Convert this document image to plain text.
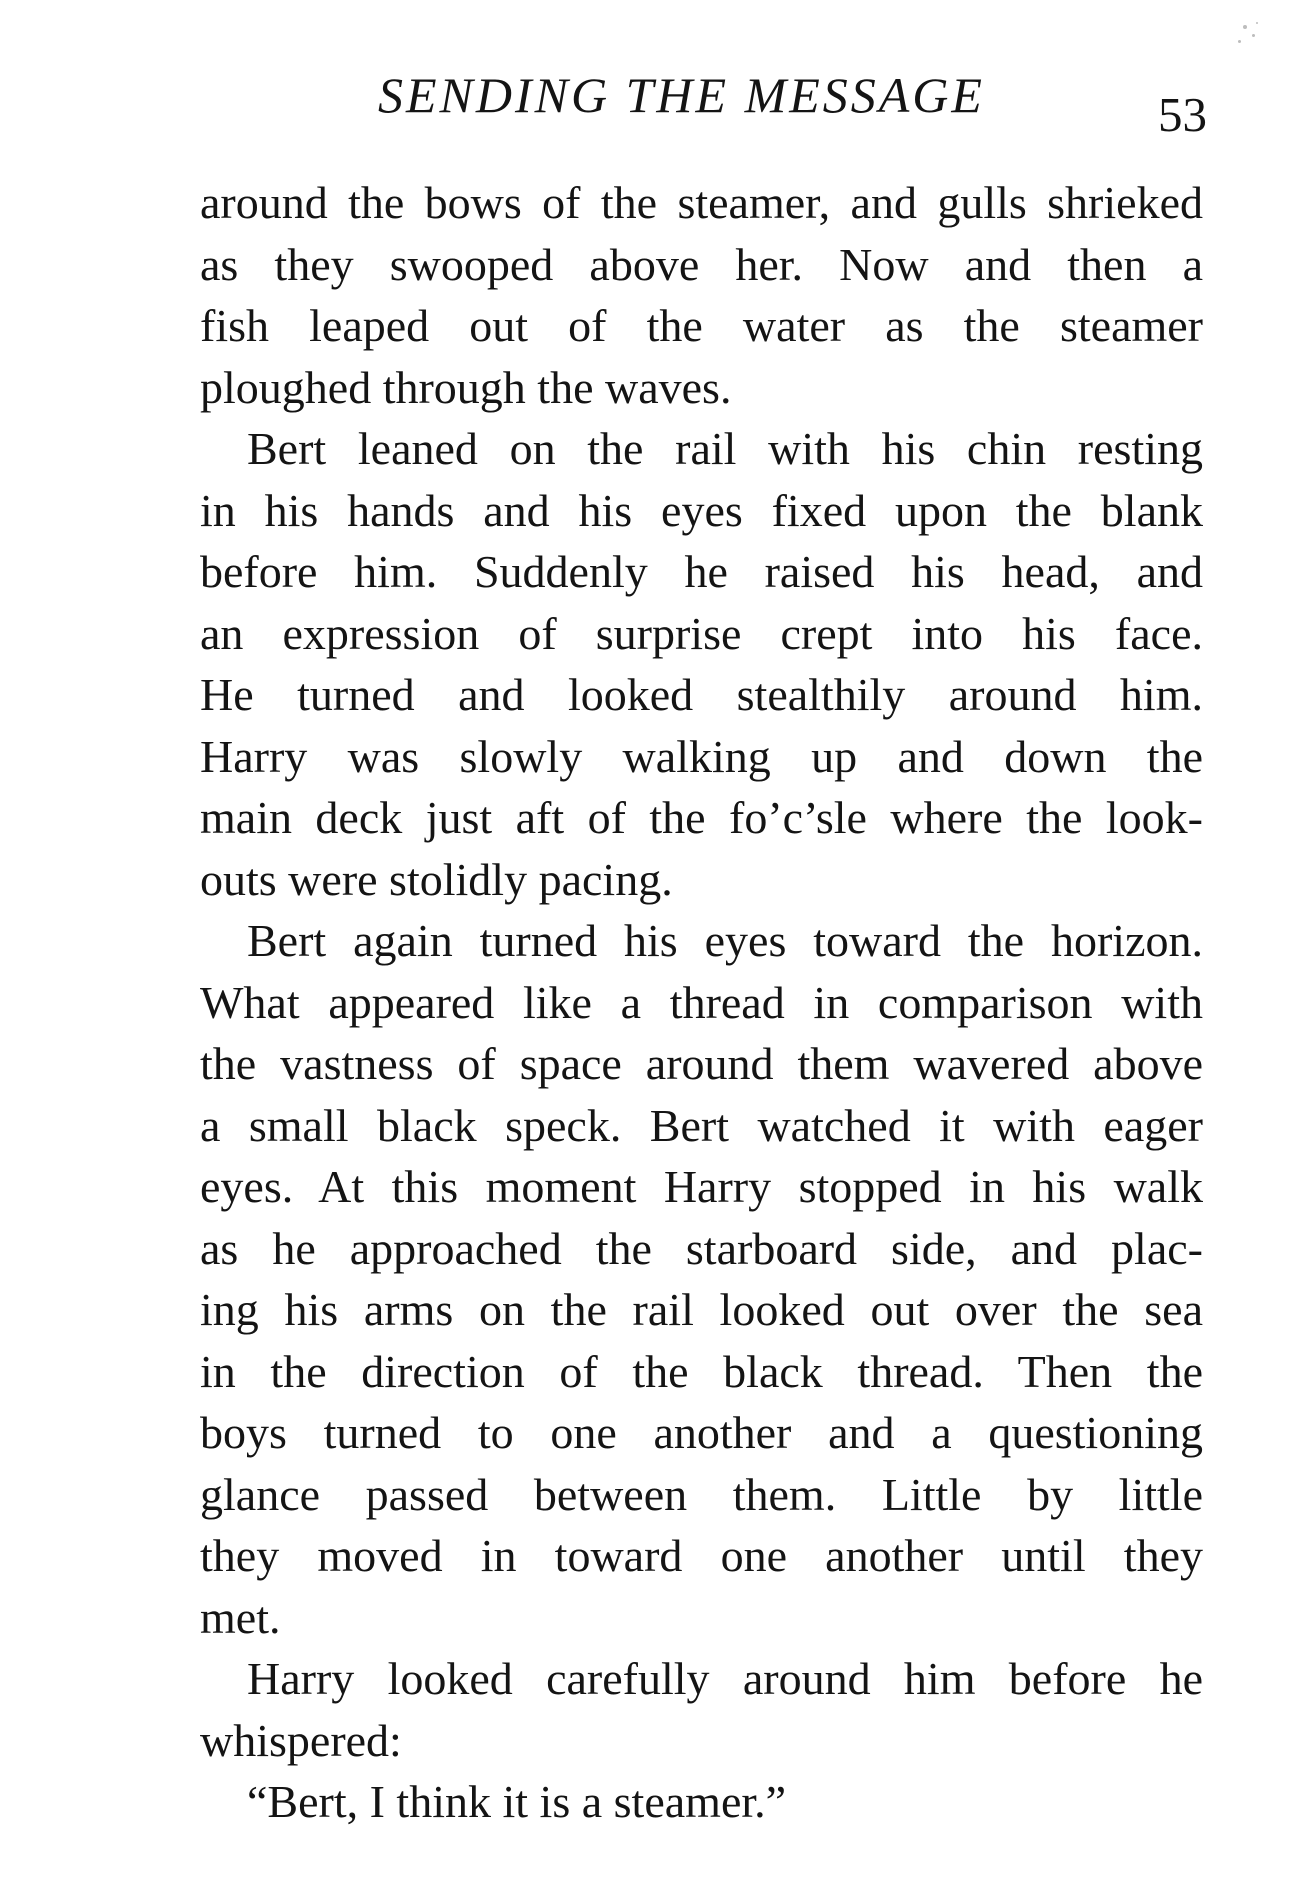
SENDING THE MESSAGE	53
around the bows of the steamer, and gulls shrieked
as they swooped above her. Now and then a
fish leaped out of the water as the steamer
ploughed through the waves.
Bert leaned on the rail with his chin resting
in his hands and his eyes fixed upon the blank
before him. Suddenly he raised his head, and
an expression of surprise crept into his face.
He turned and looked stealthily around him.
Harry was slowly walking up and down the
main deck just aft of the fo’c’sle where the look-
outs were stolidly pacing.
Bert again turned his eyes toward the horizon.
What appeared like a thread in comparison with
the vastness of space around them wavered above
a small black speck. Bert watched it with eager
eyes. At this moment Harry stopped in his walk
as he approached the starboard side, and plac-
ing his arms on the rail looked out over the sea
in the direction of the black thread. Then the
boys turned to one another and a questioning
glance passed between them. Little by little
they moved in toward one another until they
met.
Harry looked carefully around him before he
whispered:
“Bert, I think it is a steamer.”
